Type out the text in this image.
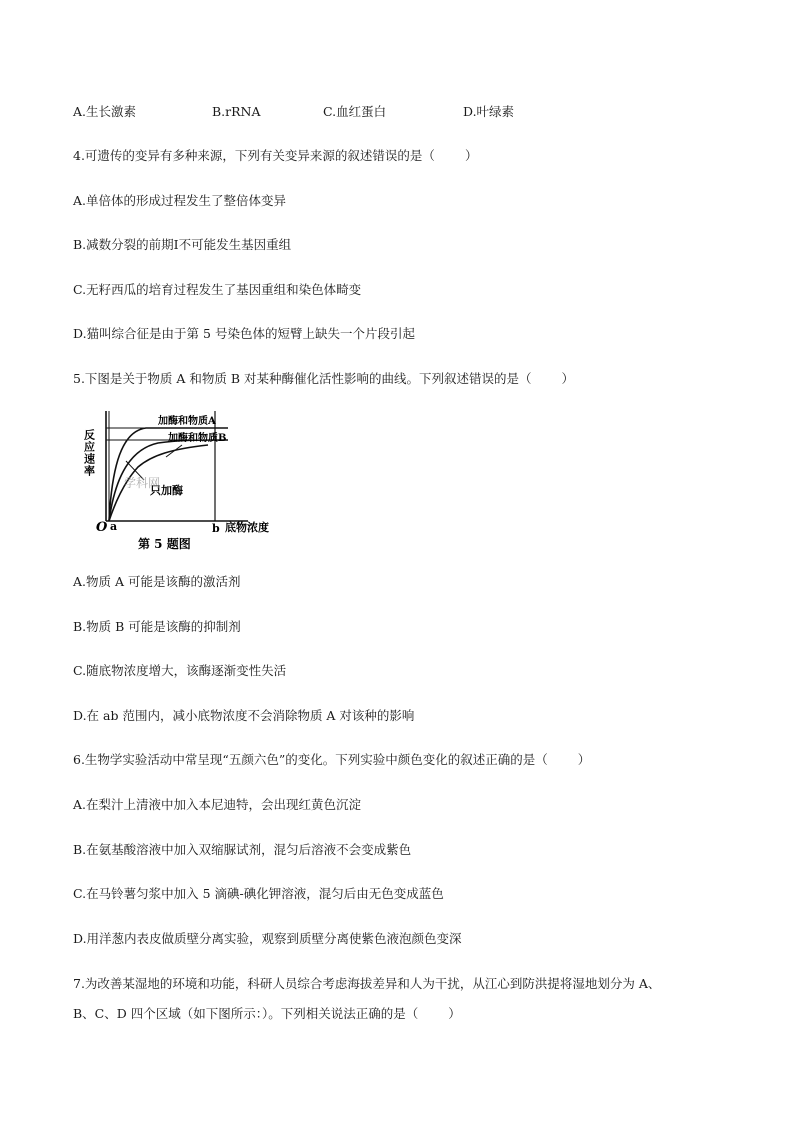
A.生长激素	B.rRNA	C.血红蛋白	D.叶绿素
4.可遗传的变异有多种来源，下列有关变异来源的叙述错误的是（ ）
A.单倍体的形成过程发生了整倍体变异
B.减数分裂的前期Ⅰ不可能发生基因重组
C.无籽西瓜的培育过程发生了基因重组和染色体畸变
D.猫叫综合征是由于第 5 号染色体的短臂上缺失一个片段引起
5.下图是关于物质 A 和物质 B 对某种酶催化活性影响的曲线。下列叙述错误的是（ ）
反应速率
加酶和物质A
加酶和物质B
只加酶
学科网
O a	b 底物浓度
第 5 题图
A.物质 A 可能是该酶的激活剂
B.物质 B 可能是该酶的抑制剂
C.随底物浓度增大，该酶逐渐变性失活
D.在 ab 范围内，减小底物浓度不会消除物质 A 对该种的影响
6.生物学实验活动中常呈现“五颜六色”的变化。下列实验中颜色变化的叙述正确的是（ ）
A.在梨汁上清液中加入本尼迪特，会出现红黄色沉淀
B.在氨基酸溶液中加入双缩脲试剂，混匀后溶液不会变成紫色
C.在马铃薯匀浆中加入 5 滴碘-碘化钾溶液，混匀后由无色变成蓝色
D.用洋葱内表皮做质壁分离实验，观察到质壁分离使紫色液泡颜色变深
7.为改善某湿地的环境和功能，科研人员综合考虑海拔差异和人为干扰，从江心到防洪提将湿地划分为 A、
B、C、D 四个区域（如下图所示：）。下列相关说法正确的是（ ）
